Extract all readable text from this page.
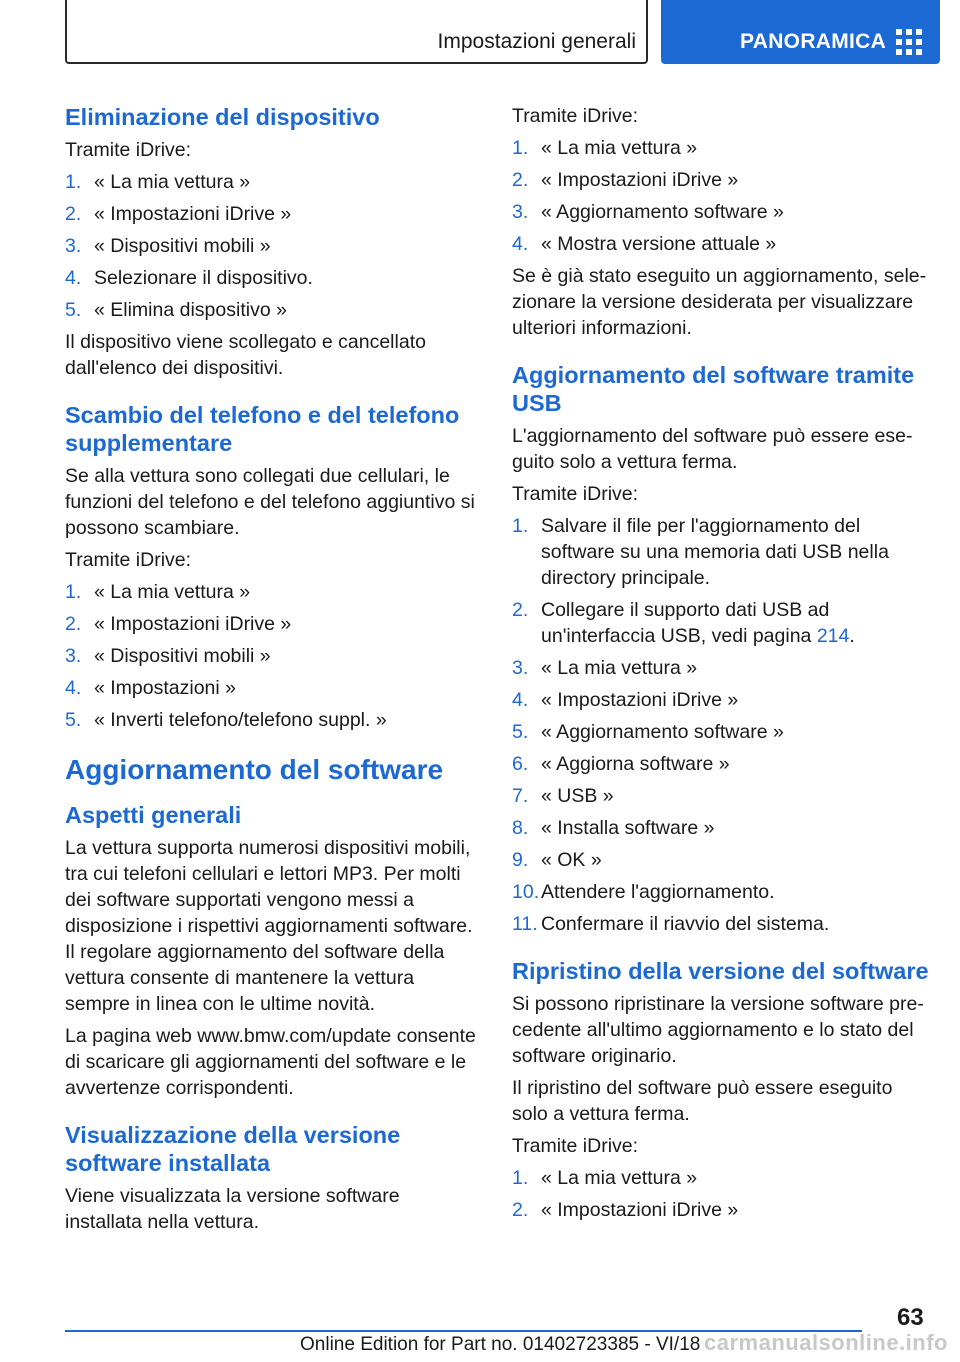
Impostazioni generali	PANORAMICA
Eliminazione del dispositivo
Tramite iDrive:
1. « La mia vettura »
2. « Impostazioni iDrive »
3. « Dispositivi mobili »
4. Selezionare il dispositivo.
5. « Elimina dispositivo »
Il dispositivo viene scollegato e cancellato dall'elenco dei dispositivi.
Scambio del telefono e del telefono supplementare
Se alla vettura sono collegati due cellulari, le funzioni del telefono e del telefono aggiuntivo si possono scambiare.
Tramite iDrive:
1. « La mia vettura »
2. « Impostazioni iDrive »
3. « Dispositivi mobili »
4. « Impostazioni »
5. « Inverti telefono/telefono suppl. »
Aggiornamento del software
Aspetti generali
La vettura supporta numerosi dispositivi mobili, tra cui telefoni cellulari e lettori MP3. Per molti dei software supportati vengono messi a disposizione i rispettivi aggiornamenti software. Il regolare aggiornamento del software della vettura consente di mantenere la vettura sempre in linea con le ultime novità.
La pagina web www.bmw.com/update consente di scaricare gli aggiornamenti del software e le avvertenze corrispondenti.
Visualizzazione della versione software installata
Viene visualizzata la versione software installata nella vettura.
Tramite iDrive:
1. « La mia vettura »
2. « Impostazioni iDrive »
3. « Aggiornamento software »
4. « Mostra versione attuale »
Se è già stato eseguito un aggiornamento, selezionare la versione desiderata per visualizzare ulteriori informazioni.
Aggiornamento del software tramite USB
L'aggiornamento del software può essere eseguito solo a vettura ferma.
Tramite iDrive:
1. Salvare il file per l'aggiornamento del software su una memoria dati USB nella directory principale.
2. Collegare il supporto dati USB ad un'interfaccia USB, vedi pagina 214.
3. « La mia vettura »
4. « Impostazioni iDrive »
5. « Aggiornamento software »
6. « Aggiorna software »
7. « USB »
8. « Installa software »
9. « OK »
10. Attendere l'aggiornamento.
11. Confermare il riavvio del sistema.
Ripristino della versione del software
Si possono ripristinare la versione software precedente all'ultimo aggiornamento e lo stato del software originario.
Il ripristino del software può essere eseguito solo a vettura ferma.
Tramite iDrive:
1. « La mia vettura »
2. « Impostazioni iDrive »
63
Online Edition for Part no. 01402723385 - VI/18 carmanualsonline.info
